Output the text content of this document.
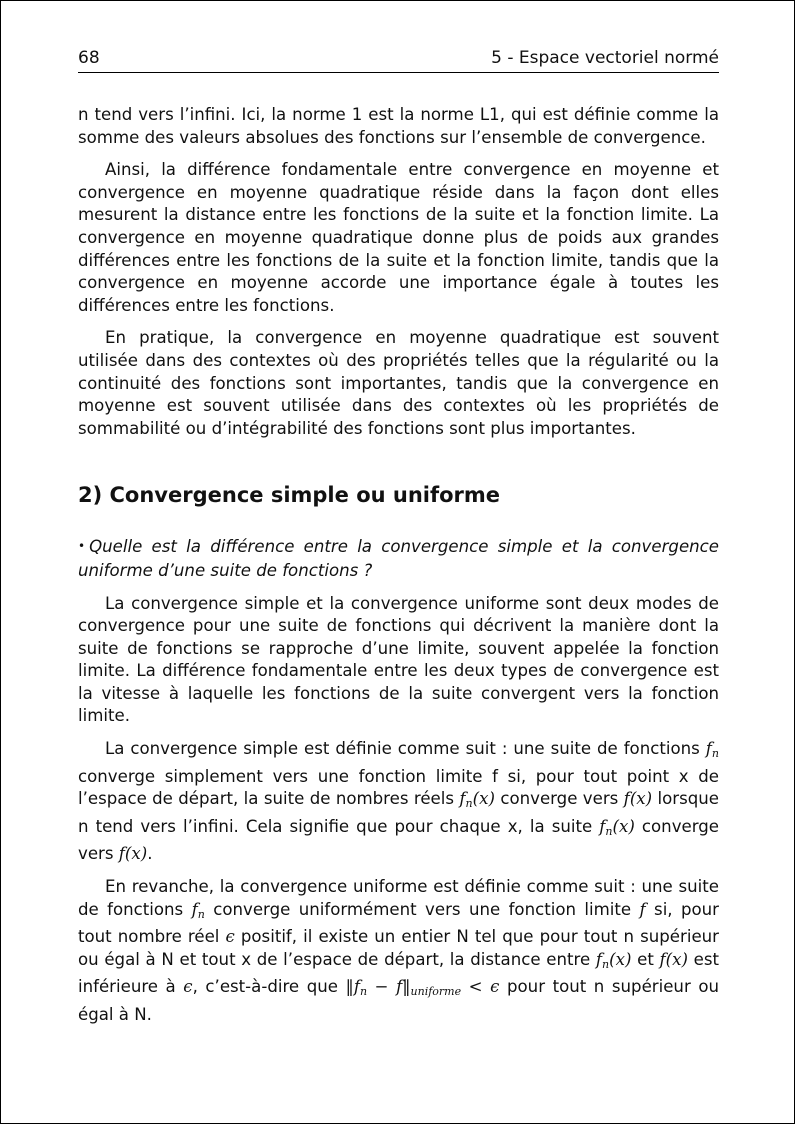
68	5 - Espace vectoriel normé

n tend vers l’infini. Ici, la norme 1 est la norme L1, qui est définie comme la somme des valeurs absolues des fonctions sur l’ensemble de convergence.

Ainsi, la différence fondamentale entre convergence en moyenne et convergence en moyenne quadratique réside dans la façon dont elles mesurent la distance entre les fonctions de la suite et la fonction limite. La convergence en moyenne quadratique donne plus de poids aux grandes différences entre les fonctions de la suite et la fonction limite, tandis que la convergence en moyenne accorde une importance égale à toutes les différences entre les fonctions.

En pratique, la convergence en moyenne quadratique est souvent utilisée dans des contextes où des propriétés telles que la régularité ou la continuité des fonctions sont importantes, tandis que la convergence en moyenne est souvent utilisée dans des contextes où les propriétés de sommabilité ou d’intégrabilité des fonctions sont plus importantes.

2) Convergence simple ou uniforme

• Quelle est la différence entre la convergence simple et la convergence uniforme d’une suite de fonctions ?

La convergence simple et la convergence uniforme sont deux modes de convergence pour une suite de fonctions qui décrivent la manière dont la suite de fonctions se rapproche d’une limite, souvent appelée la fonction limite. La différence fondamentale entre les deux types de convergence est la vitesse à laquelle les fonctions de la suite convergent vers la fonction limite.

La convergence simple est définie comme suit : une suite de fonctions $f_n$ converge simplement vers une fonction limite f si, pour tout point x de l’espace de départ, la suite de nombres réels $f_n(x)$ converge vers f(x) lorsque n tend vers l’infini. Cela signifie que pour chaque x, la suite $f_n(x)$ converge vers f(x).

En revanche, la convergence uniforme est définie comme suit : une suite de fonctions $f_n$ converge uniformément vers une fonction limite f si, pour tout nombre réel ϵ positif, il existe un entier N tel que pour tout n supérieur ou égal à N et tout x de l’espace de départ, la distance entre $f_n(x)$ et f(x) est inférieure à ϵ, c’est-à-dire que $‖f_n$ − $f‖_{uniforme} < \epsilon$ pour tout n supérieur ou égal à N.
